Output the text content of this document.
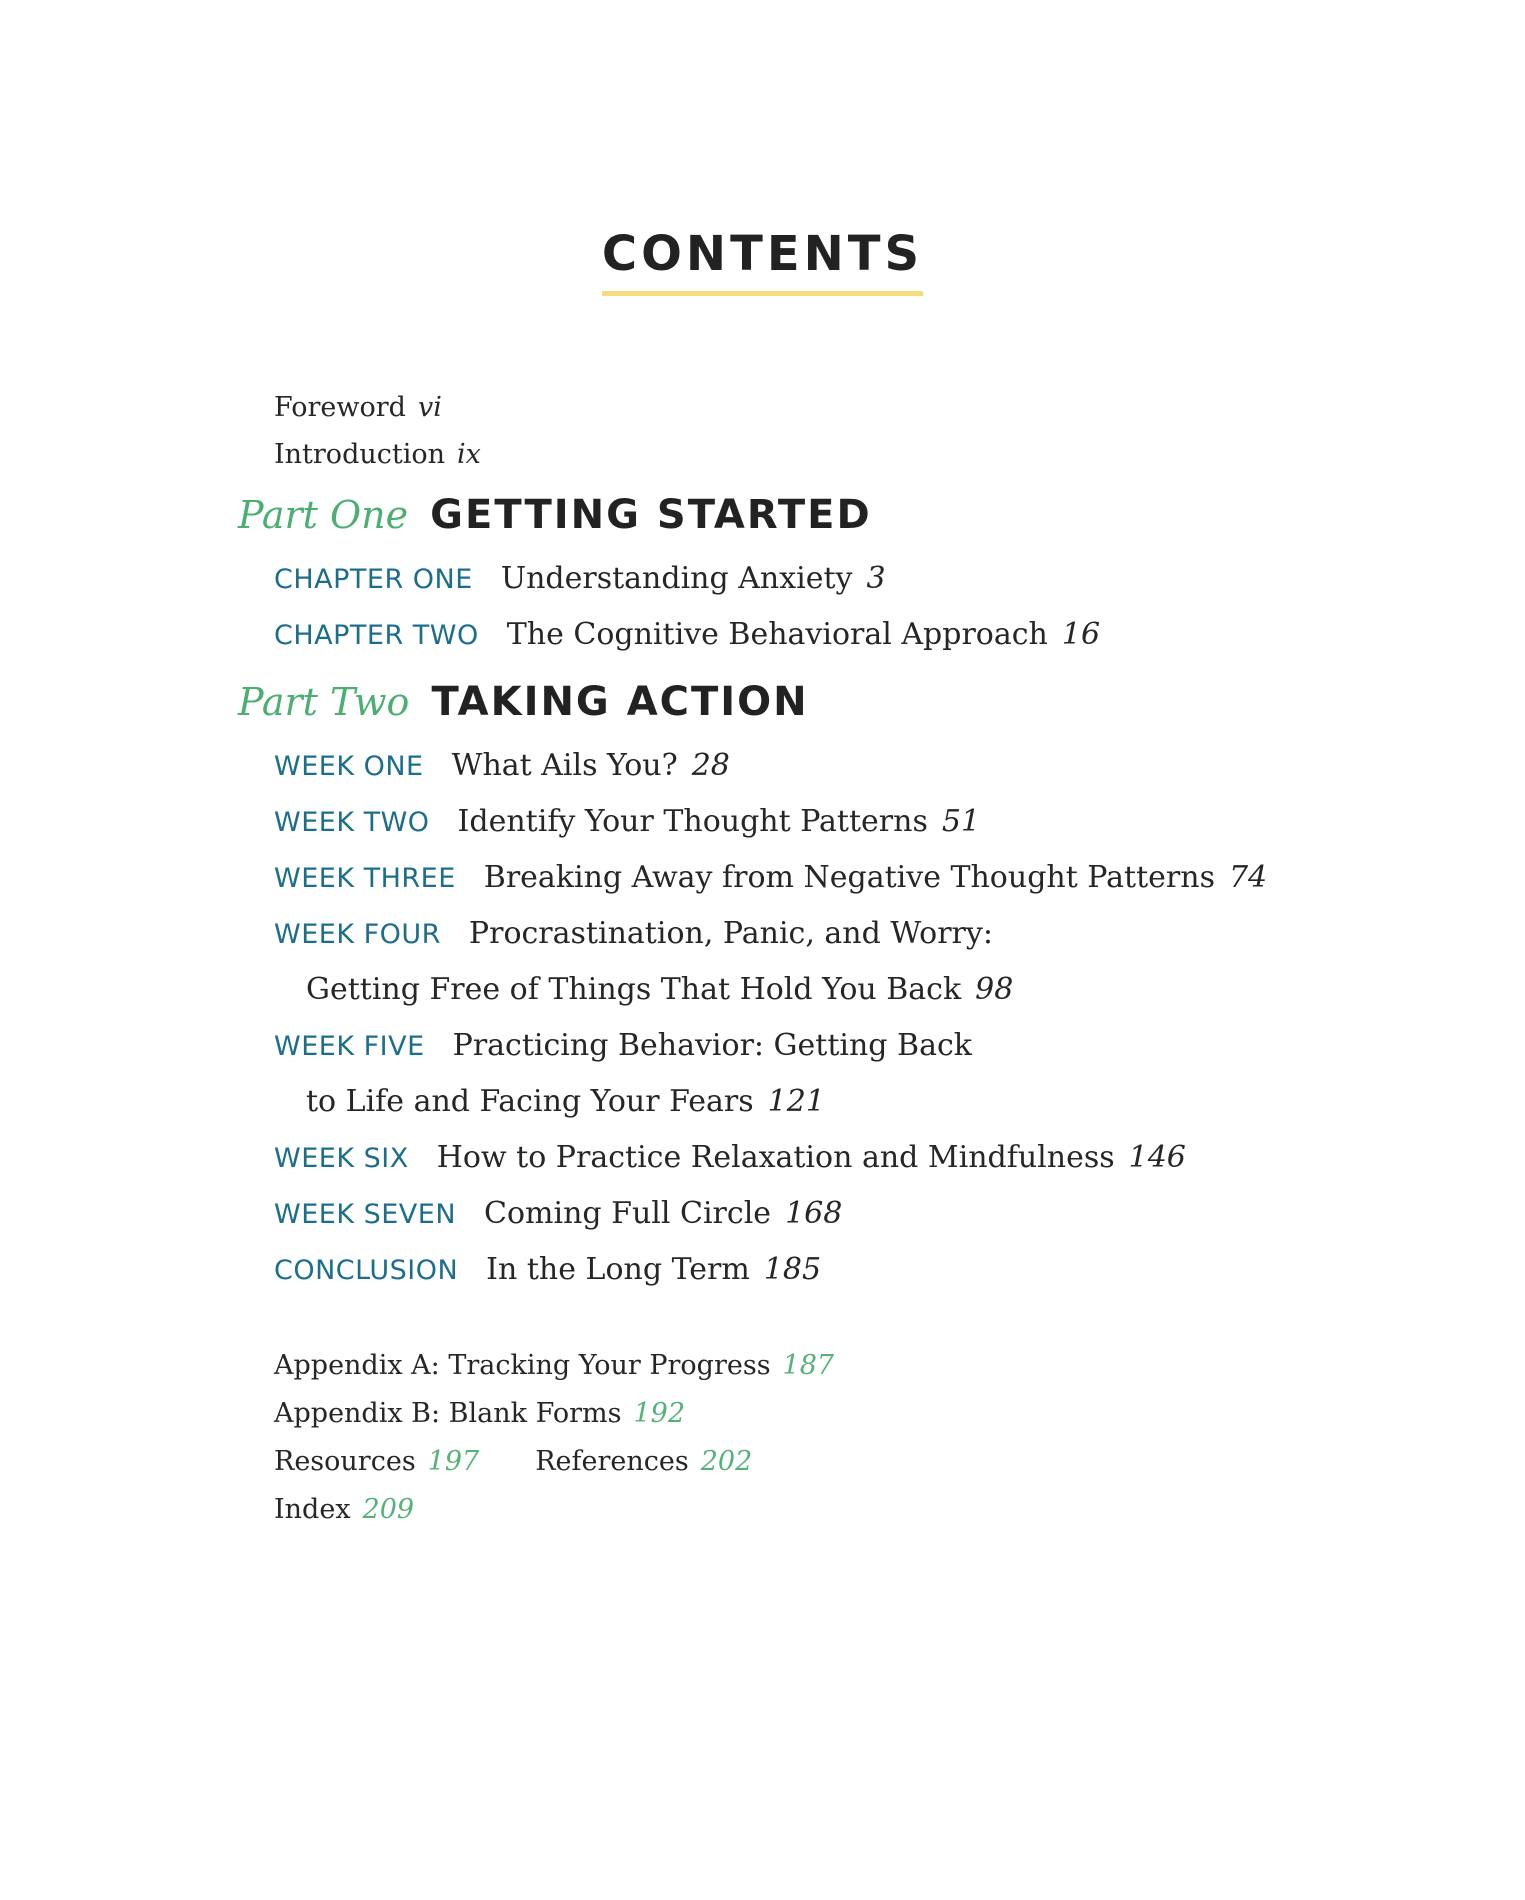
CONTENTS
Foreword vi
Introduction ix
Part One GETTING STARTED
CHAPTER ONE Understanding Anxiety 3
CHAPTER TWO The Cognitive Behavioral Approach 16
Part Two TAKING ACTION
WEEK ONE What Ails You? 28
WEEK TWO Identify Your Thought Patterns 51
WEEK THREE Breaking Away from Negative Thought Patterns 74
WEEK FOUR Procrastination, Panic, and Worry:
Getting Free of Things That Hold You Back 98
WEEK FIVE Practicing Behavior: Getting Back
to Life and Facing Your Fears 121
WEEK SIX How to Practice Relaxation and Mindfulness 146
WEEK SEVEN Coming Full Circle 168
CONCLUSION In the Long Term 185
Appendix A: Tracking Your Progress 187
Appendix B: Blank Forms 192
Resources 197 References 202
Index 209
